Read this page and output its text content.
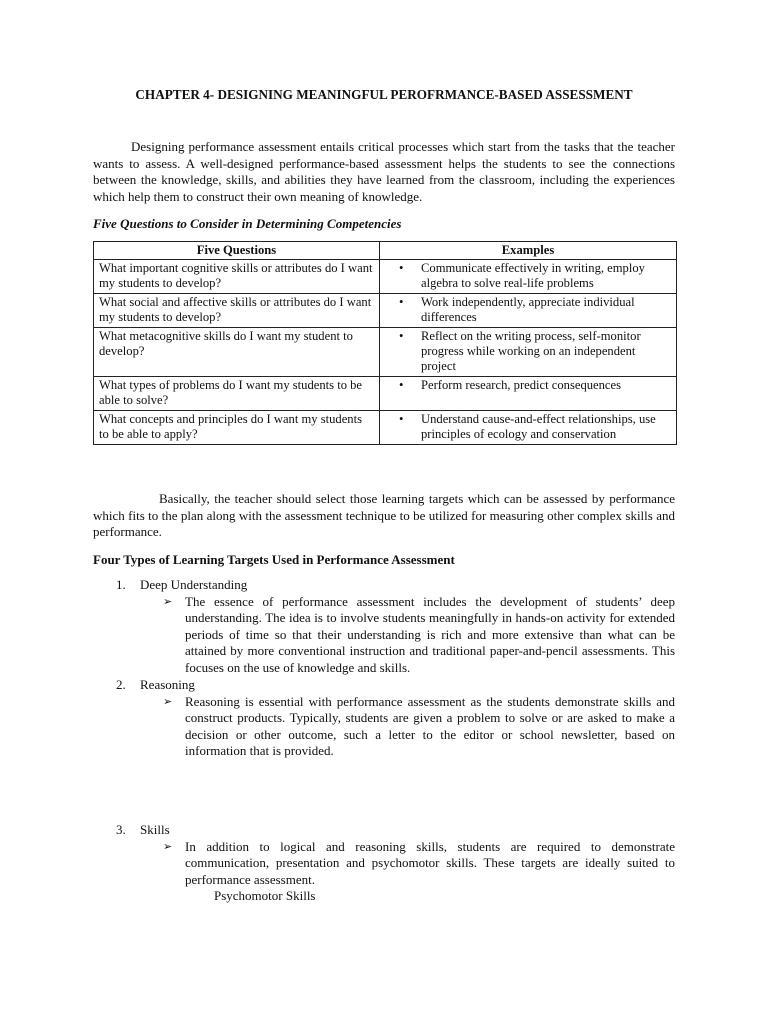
CHAPTER 4- DESIGNING MEANINGFUL PEROFRMANCE-BASED ASSESSMENT

Designing performance assessment entails critical processes which start from the tasks that the teacher wants to assess. A well-designed performance-based assessment helps the students to see the connections between the knowledge, skills, and abilities they have learned from the classroom, including the experiences which help them to construct their own meaning of knowledge.

Five Questions to Consider in Determining Competencies

Five Questions	Examples
What important cognitive skills or attributes do I want my students to develop?	• Communicate effectively in writing, employ algebra to solve real-life problems

What social and affective skills or attributes do I want my students to develop?	• Work independently, appreciate individual differences

What metacognitive skills do I want my student to develop?	• Reflect on the writing process, self-monitor progress while working on an independent project

What types of problems do I want my students to be able to solve?	• Perform research, predict consequences

What concepts and principles do I want my students to be able to apply?	• Understand cause-and-effect relationships, use principles of ecology and conservation

Basically, the teacher should select those learning targets which can be assessed by performance which fits to the plan along with the assessment technique to be utilized for measuring other complex skills and performance.

Four Types of Learning Targets Used in Performance Assessment

1.	Deep Understanding
➢ The essence of performance assessment includes the development of students’ deep understanding. The idea is to involve students meaningfully in hands-on activity for extended periods of time so that their understanding is rich and more extensive than what can be attained by more conventional instruction and traditional paper-and-pencil assessments. This focuses on the use of knowledge and skills.
2.	Reasoning
➢ Reasoning is essential with performance assessment as the students demonstrate skills and construct products. Typically, students are given a problem to solve or are asked to make a decision or other outcome, such a letter to the editor or school newsletter, based on information that is provided.
3.	Skills
➢ In addition to logical and reasoning skills, students are required to demonstrate communication, presentation and psychomotor skills. These targets are ideally suited to performance assessment.
Psychomotor Skills
